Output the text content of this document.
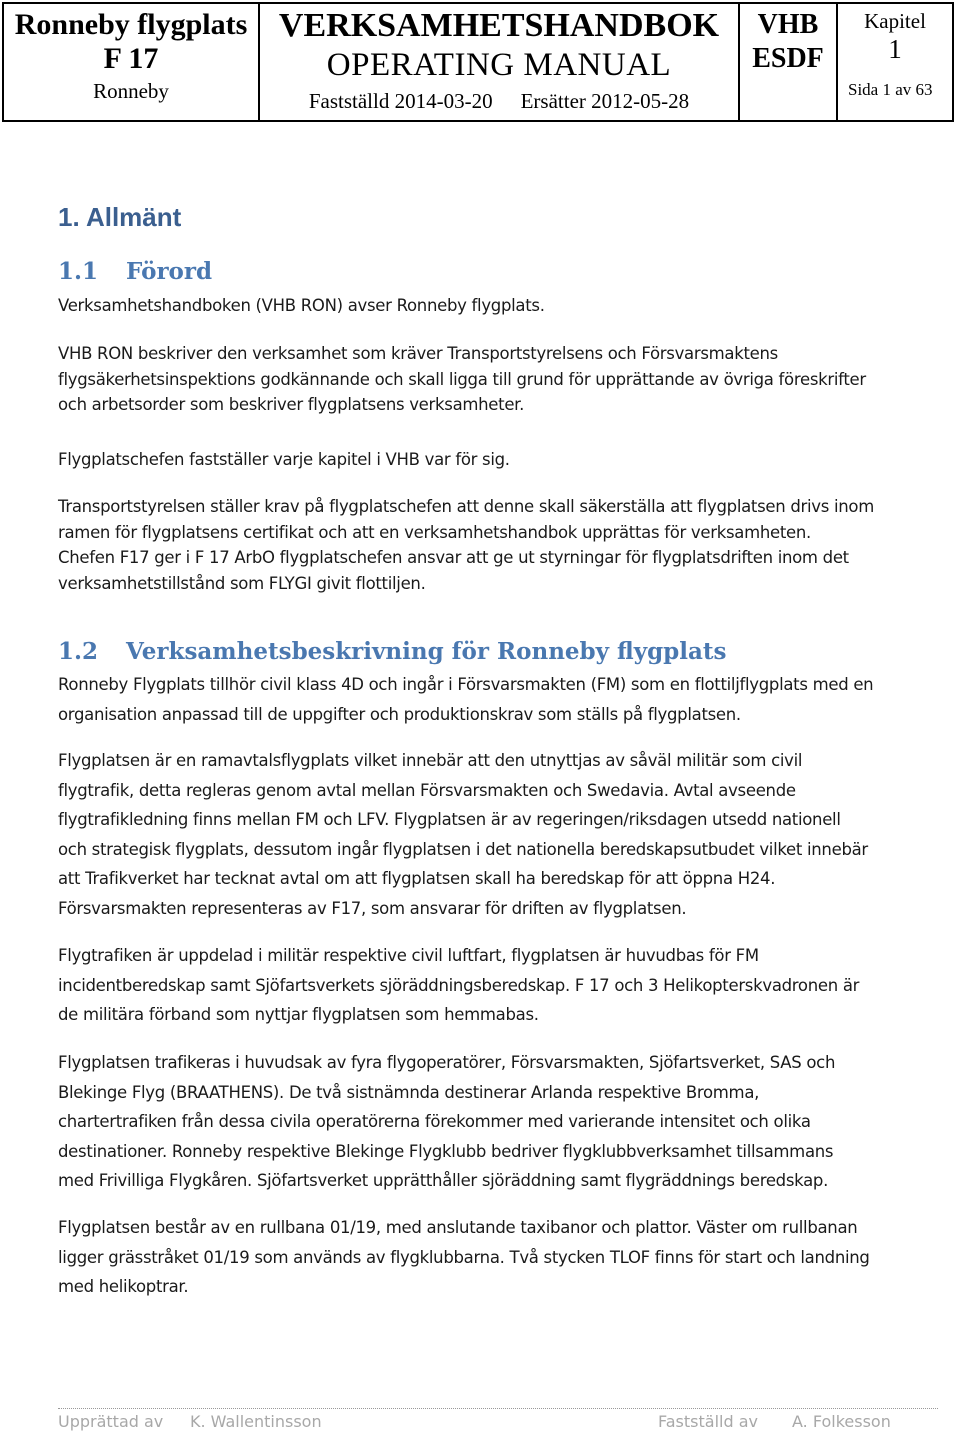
Ronneby flygplats
F 17
Ronneby
VERKSAMHETSHANDBOK
OPERATING MANUAL
Fastställd 2014-03-20 Ersätter 2012-05-28
VHB
ESDF
Kapitel
1
Sida 1 av 63
1. Allmänt
1.1 Förord
Verksamhetshandboken (VHB RON) avser Ronneby flygplats.
VHB RON beskriver den verksamhet som kräver Transportstyrelsens och Försvarsmaktens
flygsäkerhetsinspektions godkännande och skall ligga till grund för upprättande av övriga föreskrifter
och arbetsorder som beskriver flygplatsens verksamheter.
Flygplatschefen fastställer varje kapitel i VHB var för sig.
Transportstyrelsen ställer krav på flygplatschefen att denne skall säkerställa att flygplatsen drivs inom
ramen för flygplatsens certifikat och att en verksamhetshandbok upprättas för verksamheten.
Chefen F17 ger i F 17 ArbO flygplatschefen ansvar att ge ut styrningar för flygplatsdriften inom det
verksamhetstillstånd som FLYGI givit flottiljen.
1.2 Verksamhetsbeskrivning för Ronneby flygplats
Ronneby Flygplats tillhör civil klass 4D och ingår i Försvarsmakten (FM) som en flottiljflygplats med en
organisation anpassad till de uppgifter och produktionskrav som ställs på flygplatsen.
Flygplatsen är en ramavtalsflygplats vilket innebär att den utnyttjas av såväl militär som civil
flygtrafik, detta regleras genom avtal mellan Försvarsmakten och Swedavia. Avtal avseende
flygtrafikledning finns mellan FM och LFV. Flygplatsen är av regeringen/riksdagen utsedd nationell
och strategisk flygplats, dessutom ingår flygplatsen i det nationella beredskapsutbudet vilket innebär
att Trafikverket har tecknat avtal om att flygplatsen skall ha beredskap för att öppna H24.
Försvarsmakten representeras av F17, som ansvarar för driften av flygplatsen.
Flygtrafiken är uppdelad i militär respektive civil luftfart, flygplatsen är huvudbas för FM
incidentberedskap samt Sjöfartsverkets sjöräddningsberedskap. F 17 och 3 Helikopterskvadronen är
de militära förband som nyttjar flygplatsen som hemmabas.
Flygplatsen trafikeras i huvudsak av fyra flygoperatörer, Försvarsmakten, Sjöfartsverket, SAS och
Blekinge Flyg (BRAATHENS). De två sistnämnda destinerar Arlanda respektive Bromma,
chartertrafiken från dessa civila operatörerna förekommer med varierande intensitet och olika
destinationer. Ronneby respektive Blekinge Flygklubb bedriver flygklubbverksamhet tillsammans
med Frivilliga Flygkåren. Sjöfartsverket upprätthåller sjöräddning samt flygräddnings beredskap.
Flygplatsen består av en rullbana 01/19, med anslutande taxibanor och plattor. Väster om rullbanan
ligger grässtråket 01/19 som används av flygklubbarna. Två stycken TLOF finns för start och landning
med helikoptrar.
Upprättad av K. Wallentinsson	Fastställd av A. Folkesson
